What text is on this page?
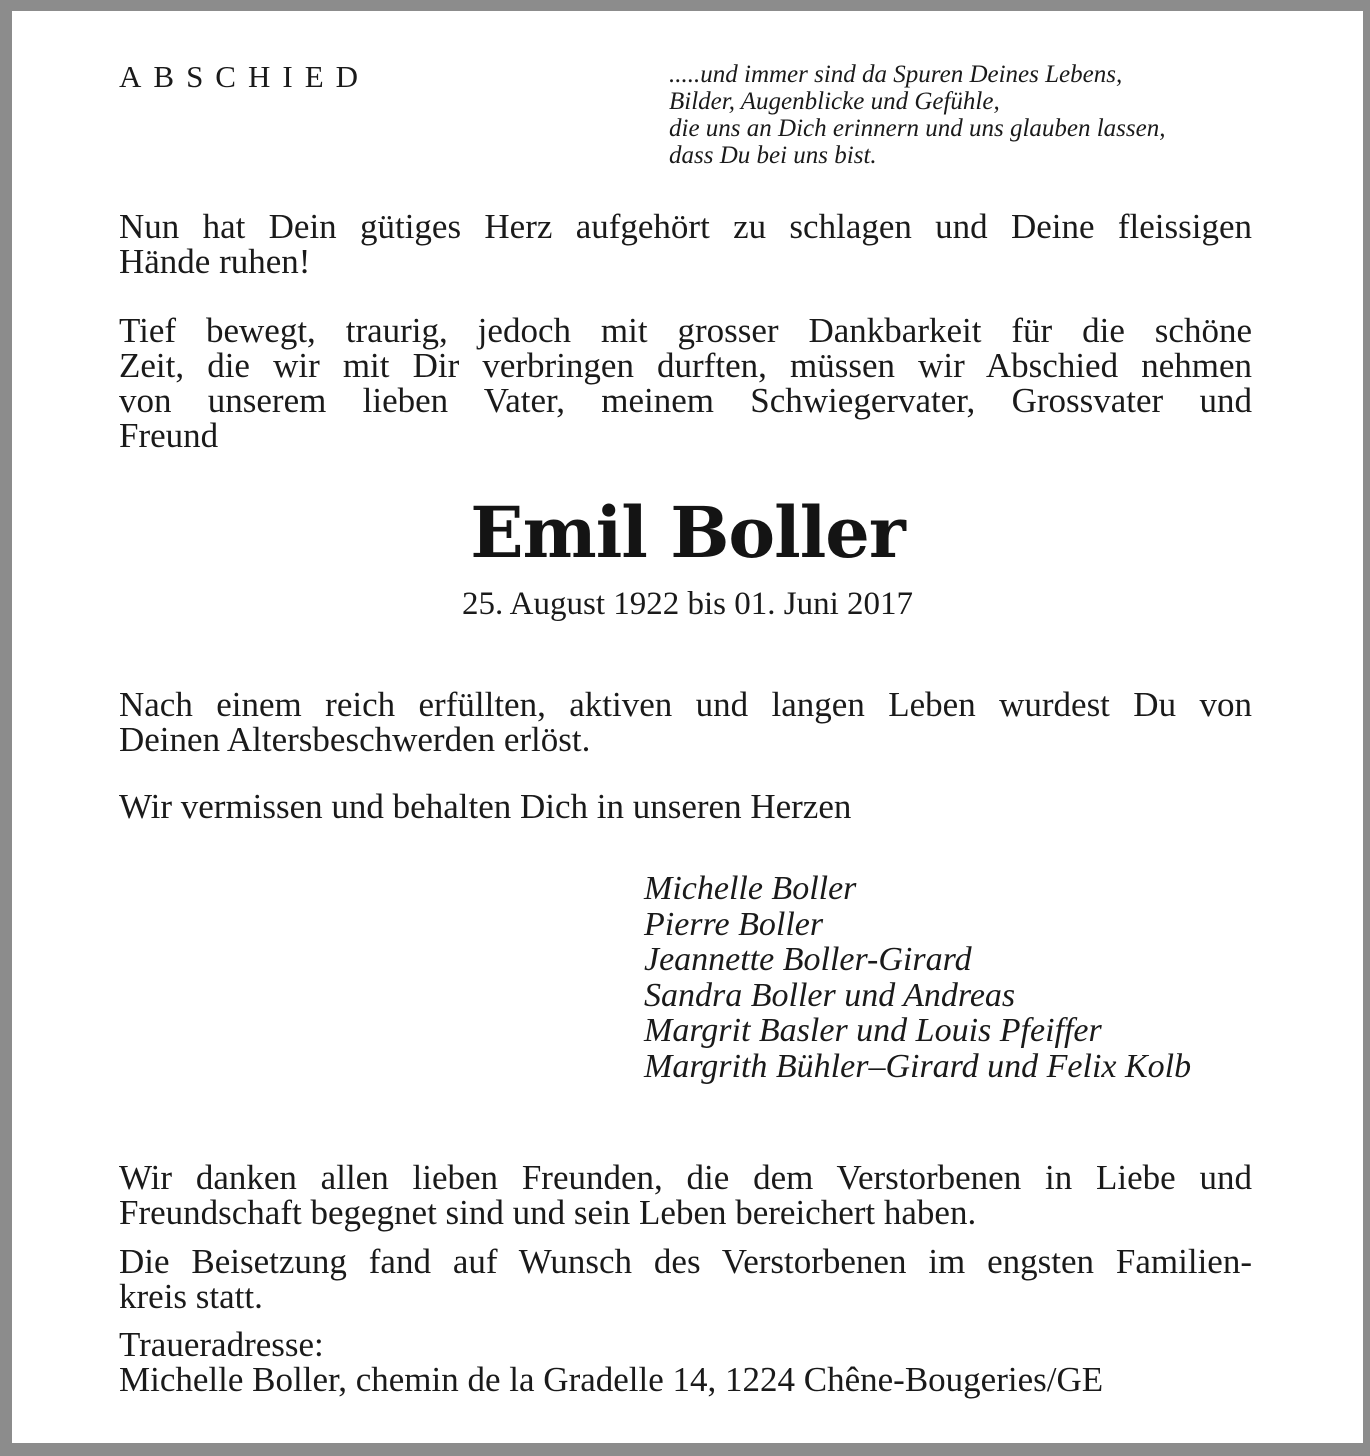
ABSCHIED	.....und immer sind da Spuren Deines Lebens,
Bilder, Augenblicke und Gefühle,
die uns an Dich erinnern und uns glauben lassen,
dass Du bei uns bist.
Nun hat Dein gütiges Herz aufgehört zu schlagen und Deine fleissigen
Hände ruhen!
Tief bewegt, traurig, jedoch mit grosser Dankbarkeit für die schöne
Zeit, die wir mit Dir verbringen durften, müssen wir Abschied nehmen
von unserem lieben Vater, meinem Schwiegervater, Grossvater und
Freund
Emil Boller
25. August 1922 bis 01. Juni 2017
Nach einem reich erfüllten, aktiven und langen Leben wurdest Du von
Deinen Altersbeschwerden erlöst.
Wir vermissen und behalten Dich in unseren Herzen
Michelle Boller
Pierre Boller
Jeannette Boller-Girard
Sandra Boller und Andreas
Margrit Basler und Louis Pfeiffer
Margrith Bühler–Girard und Felix Kolb
Wir danken allen lieben Freunden, die dem Verstorbenen in Liebe und
Freundschaft begegnet sind und sein Leben bereichert haben.
Die Beisetzung fand auf Wunsch des Verstorbenen im engsten Familien-
kreis statt.
Traueradresse:
Michelle Boller, chemin de la Gradelle 14, 1224 Chêne-Bougeries/GE
